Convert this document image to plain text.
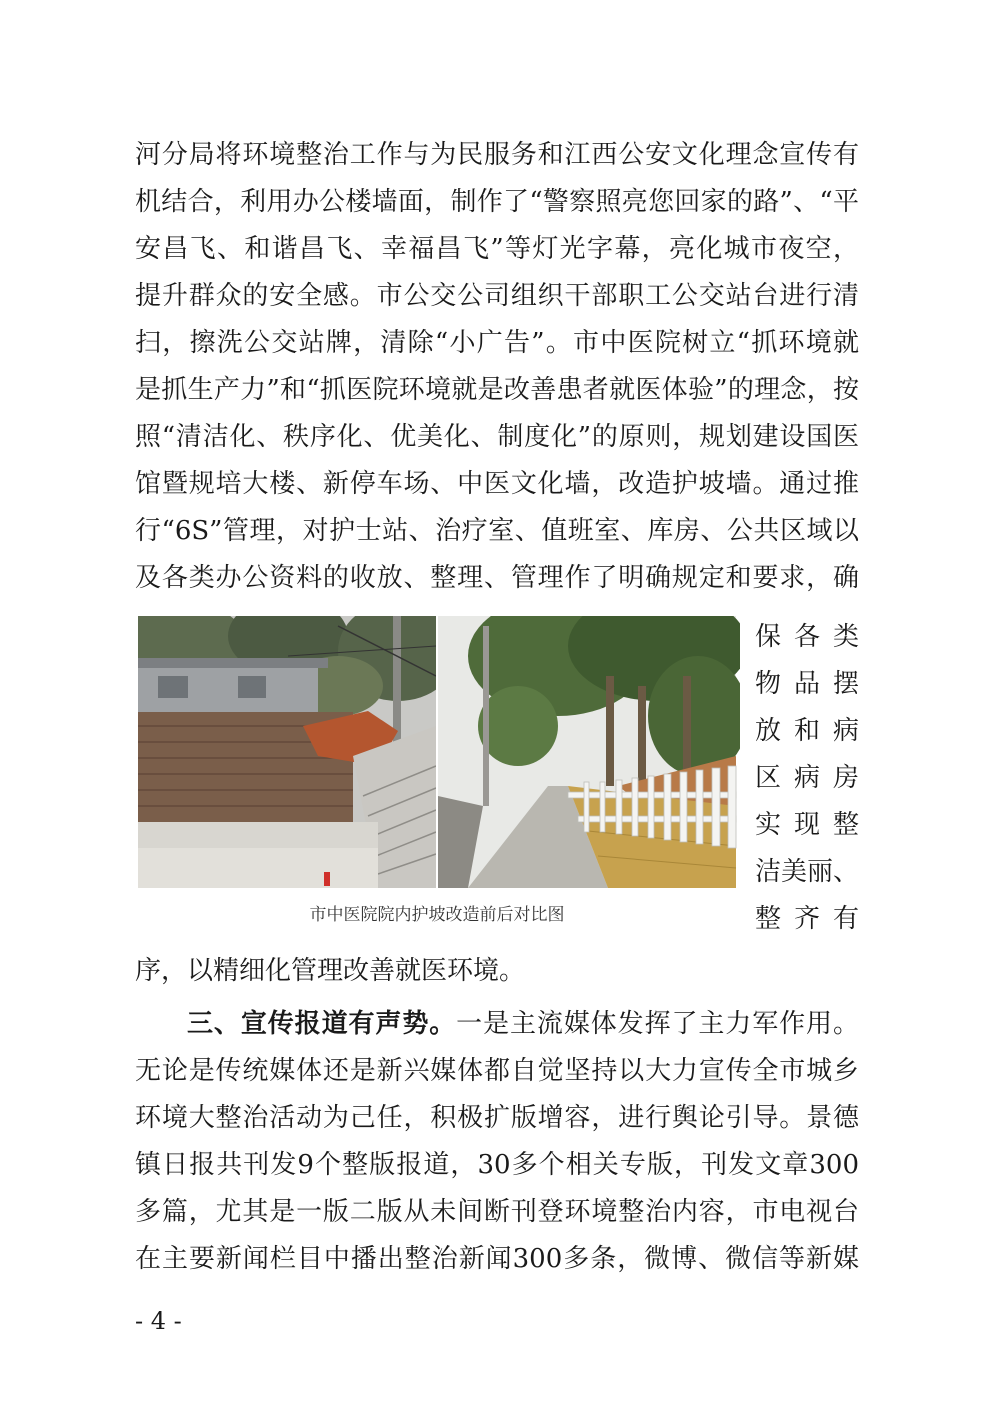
河分局将环境整治工作与为民服务和江西公安文化理念宣传有
机结合，利用办公楼墙面，制作了“警察照亮您回家的路”、“平
安昌飞、和谐昌飞、幸福昌飞”等灯光字幕，亮化城市夜空，
提升群众的安全感。市公交公司组织干部职工公交站台进行清
扫，擦洗公交站牌，清除“小广告”。市中医院树立“抓环境就
是抓生产力”和“抓医院环境就是改善患者就医体验”的理念，按
照“清洁化、秩序化、优美化、制度化”的原则，规划建设国医
馆暨规培大楼、新停车场、中医文化墙，改造护坡墙。通过推
行“6S”管理，对护士站、治疗室、值班室、库房、公共区域以
及各类办公资料的收放、整理、管理作了明确规定和要求，确
市中医院院内护坡改造前后对比图
保各类
物品摆
放和病
区病房
实现整
洁美丽、
整齐有
序，以精细化管理改善就医环境。
三、宣传报道有声势。一是主流媒体发挥了主力军作用。
无论是传统媒体还是新兴媒体都自觉坚持以大力宣传全市城乡
环境大整治活动为己任，积极扩版增容，进行舆论引导。景德
镇日报共刊发9个整版报道，30多个相关专版，刊发文章300
多篇，尤其是一版二版从未间断刊登环境整治内容，市电视台
在主要新闻栏目中播出整治新闻300多条，微博、微信等新媒
- 4 -
